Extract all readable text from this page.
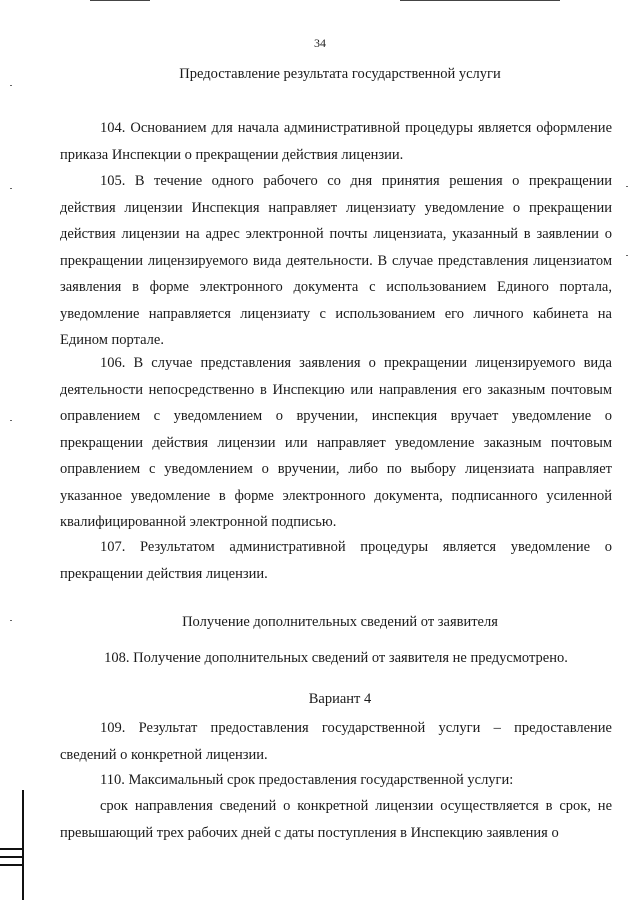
34
Предоставление результата государственной услуги
104. Основанием для начала административной процедуры является оформление приказа Инспекции о прекращении действия лицензии.
105. В течение одного рабочего со дня принятия решения о прекращении действия лицензии Инспекция направляет лицензиату уведомление о прекращении действия лицензии на адрес электронной почты лицензиата, указанный в заявлении о прекращении лицензируемого вида деятельности. В случае представления лицензиатом заявления в форме электронного документа с использованием Единого портала, уведомление направляется лицензиату с использованием его личного кабинета на Едином портале.
106. В случае представления заявления о прекращении лицензируемого вида деятельности непосредственно в Инспекцию или направления его заказным почтовым оправлением с уведомлением о вручении, инспекция вручает уведомление о прекращении действия лицензии или направляет уведомление заказным почтовым оправлением с уведомлением о вручении, либо по выбору лицензиата направляет указанное уведомление в форме электронного документа, подписанного усиленной квалифицированной электронной подписью.
107. Результатом административной процедуры является уведомление о прекращении действия лицензии.
Получение дополнительных сведений от заявителя
108. Получение дополнительных сведений от заявителя не предусмотрено.
Вариант 4
109. Результат предоставления государственной услуги – предоставление сведений о конкретной лицензии.
110. Максимальный срок предоставления государственной услуги:
срок направления сведений о конкретной лицензии осуществляется в срок, не превышающий трех рабочих дней с даты поступления в Инспекцию заявления о
